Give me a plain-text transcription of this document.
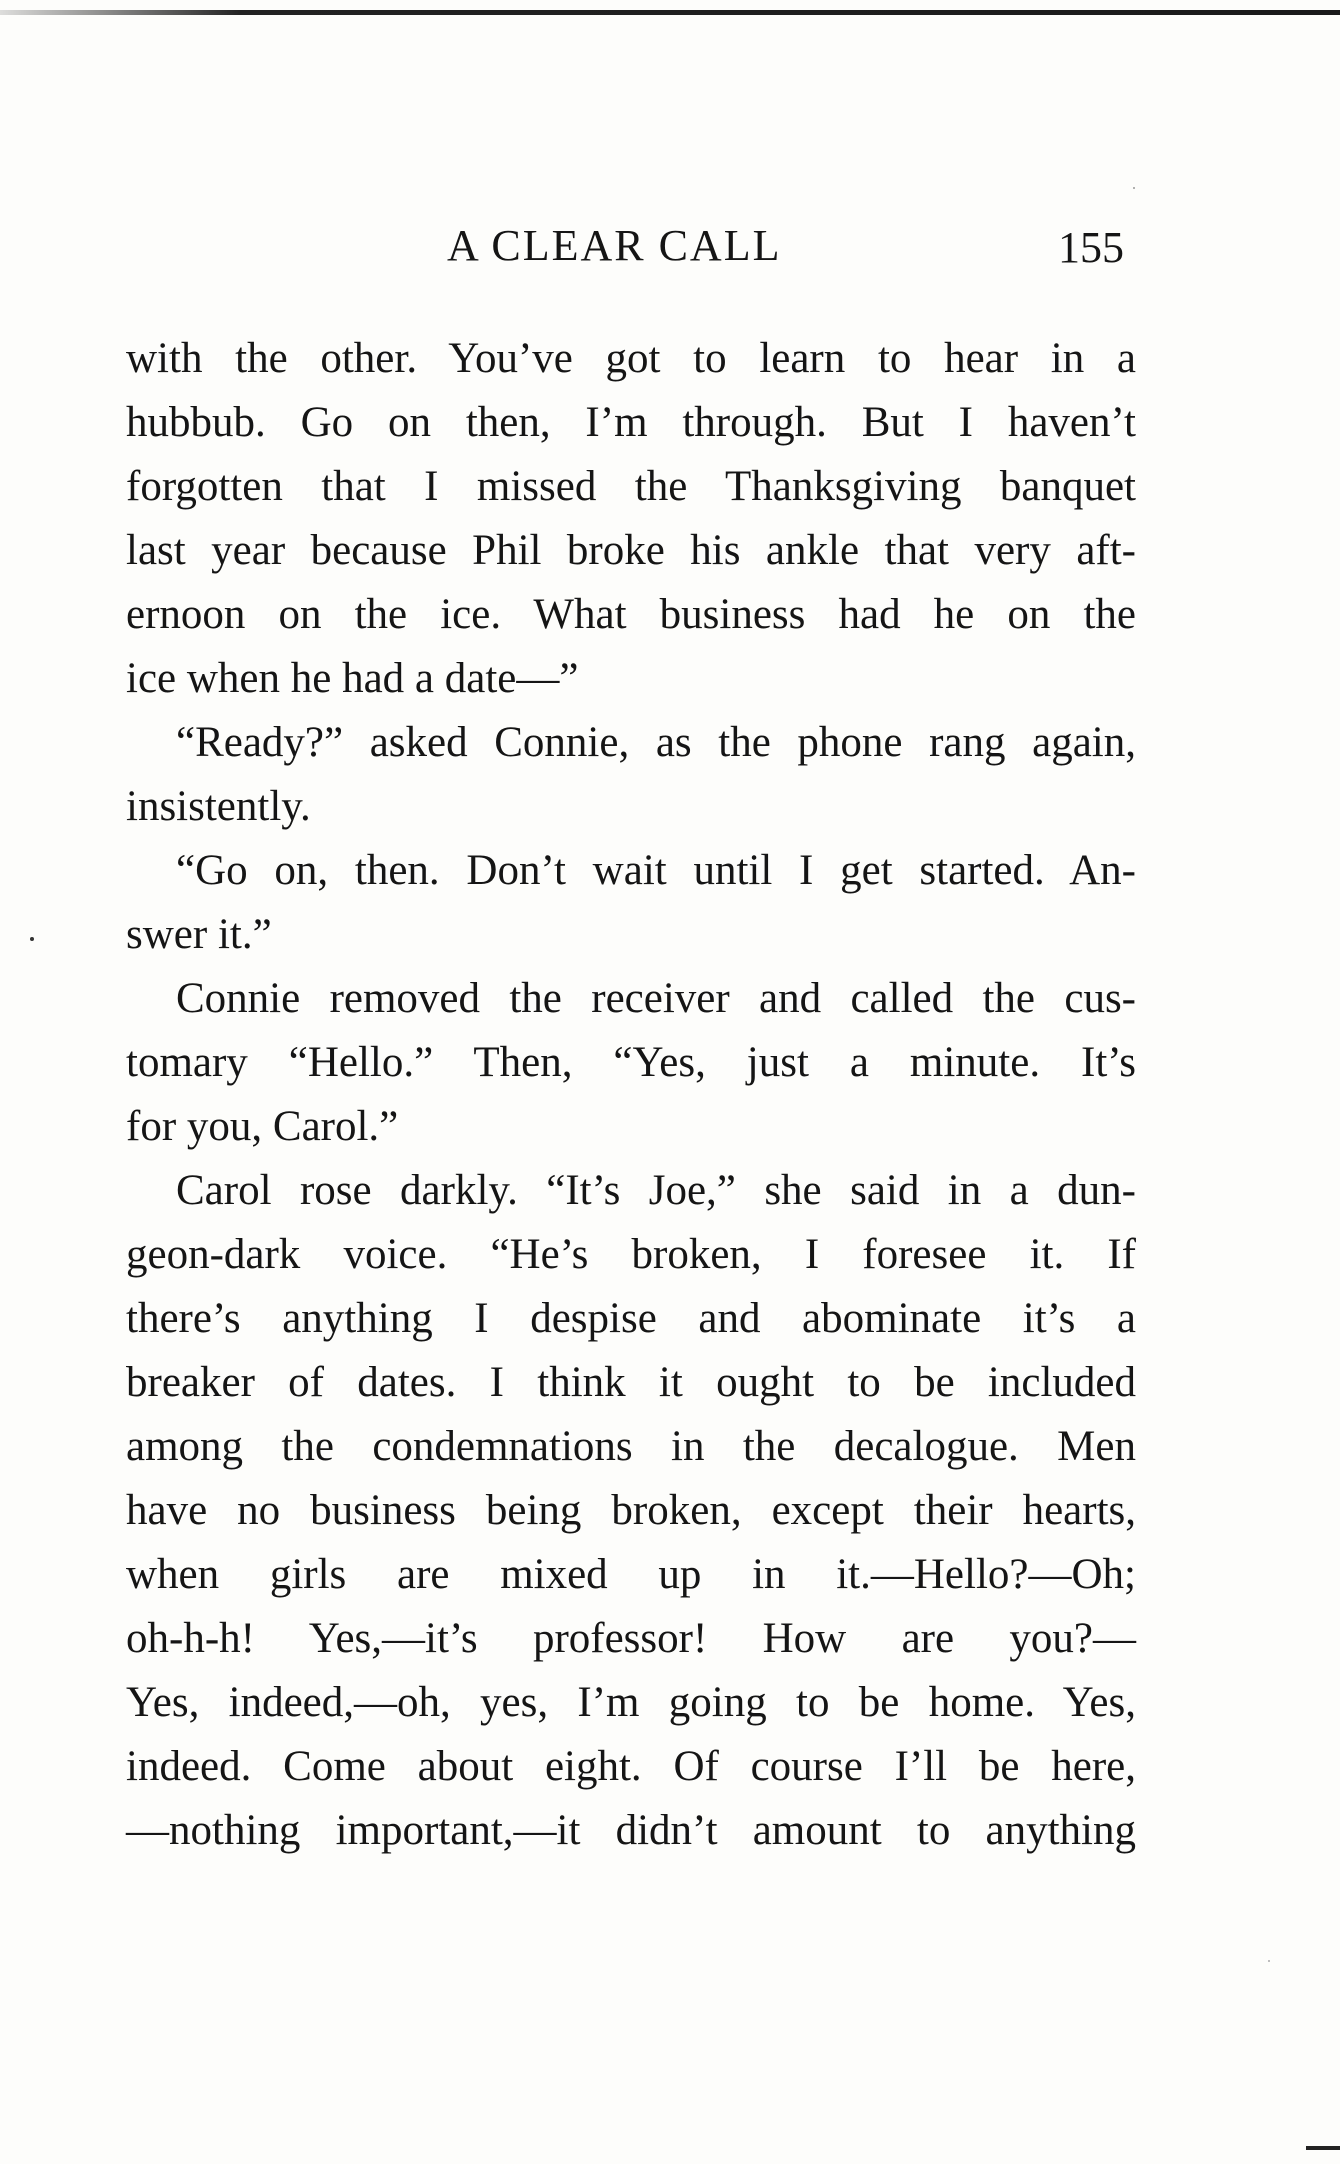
A CLEAR CALL	155
with the other. You’ve got to learn to hear in a
hubbub. Go on then, I’m through. But I haven’t
forgotten that I missed the Thanksgiving banquet
last year because Phil broke his ankle that very aft-
ernoon on the ice. What business had he on the
ice when he had a date—”
“Ready?” asked Connie, as the phone rang again,
insistently.
“Go on, then. Don’t wait until I get started. An-
swer it.”
Connie removed the receiver and called the cus-
tomary “Hello.” Then, “Yes, just a minute. It’s
for you, Carol.”
Carol rose darkly. “It’s Joe,” she said in a dun-
geon-dark voice. “He’s broken, I foresee it. If
there’s anything I despise and abominate it’s a
breaker of dates. I think it ought to be included
among the condemnations in the decalogue. Men
have no business being broken, except their hearts,
when girls are mixed up in it.—Hello?—Oh;
oh-h-h! Yes,—it’s professor! How are you?—
Yes, indeed,—oh, yes, I’m going to be home. Yes,
indeed. Come about eight. Of course I’ll be here,
—nothing important,—it didn’t amount to anything
